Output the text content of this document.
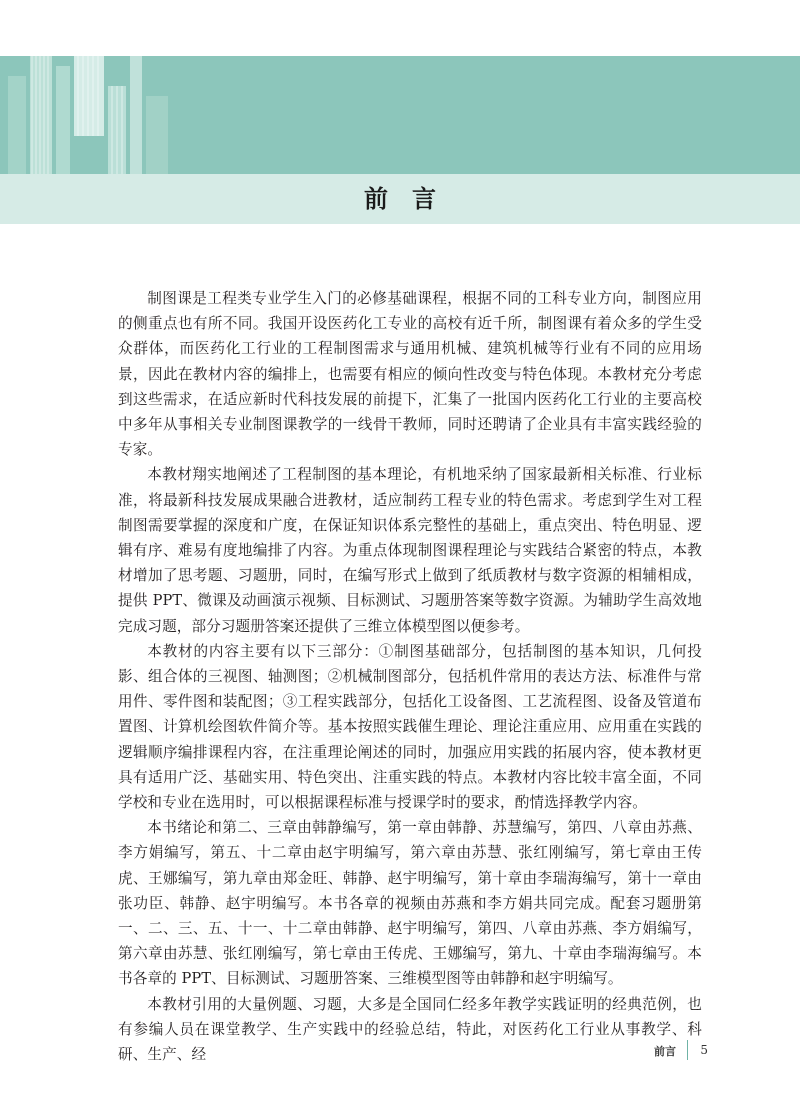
前言

制图课是工程类专业学生入门的必修基础课程，根据不同的工科专业方向，制图应用的侧重点也有所不同。我国开设医药化工专业的高校有近千所，制图课有着众多的学生受众群体，而医药化工行业的工程制图需求与通用机械、建筑机械等行业有不同的应用场景，因此在教材内容的编排上，也需要有相应的倾向性改变与特色体现。本教材充分考虑到这些需求，在适应新时代科技发展的前提下，汇集了一批国内医药化工行业的主要高校中多年从事相关专业制图课教学的一线骨干教师，同时还聘请了企业具有丰富实践经验的专家。

本教材翔实地阐述了工程制图的基本理论，有机地采纳了国家最新相关标准、行业标准，将最新科技发展成果融合进教材，适应制药工程专业的特色需求。考虑到学生对工程制图需要掌握的深度和广度，在保证知识体系完整性的基础上，重点突出、特色明显、逻辑有序、难易有度地编排了内容。为重点体现制图课程理论与实践结合紧密的特点，本教材增加了思考题、习题册，同时，在编写形式上做到了纸质教材与数字资源的相辅相成，提供 PPT、微课及动画演示视频、目标测试、习题册答案等数字资源。为辅助学生高效地完成习题，部分习题册答案还提供了三维立体模型图以便参考。

本教材的内容主要有以下三部分：①制图基础部分，包括制图的基本知识，几何投影、组合体的三视图、轴测图；②机械制图部分，包括机件常用的表达方法、标准件与常用件、零件图和装配图；③工程实践部分，包括化工设备图、工艺流程图、设备及管道布置图、计算机绘图软件简介等。基本按照实践催生理论、理论注重应用、应用重在实践的逻辑顺序编排课程内容，在注重理论阐述的同时，加强应用实践的拓展内容，使本教材更具有适用广泛、基础实用、特色突出、注重实践的特点。本教材内容比较丰富全面，不同学校和专业在选用时，可以根据课程标准与授课学时的要求，酌情选择教学内容。

本书绪论和第二、三章由韩静编写，第一章由韩静、苏慧编写，第四、八章由苏燕、李方娟编写，第五、十二章由赵宇明编写，第六章由苏慧、张红刚编写，第七章由王传虎、王娜编写，第九章由郑金旺、韩静、赵宇明编写，第十章由李瑞海编写，第十一章由张功臣、韩静、赵宇明编写。本书各章的视频由苏燕和李方娟共同完成。配套习题册第一、二、三、五、十一、十二章由韩静、赵宇明编写，第四、八章由苏燕、李方娟编写，第六章由苏慧、张红刚编写，第七章由王传虎、王娜编写，第九、十章由李瑞海编写。本书各章的 PPT、目标测试、习题册答案、三维模型图等由韩静和赵宇明编写。

本教材引用的大量例题、习题，大多是全国同仁经多年教学实践证明的经典范例，也有参编人员在课堂教学、生产实践中的经验总结，特此，对医药化工行业从事教学、科研、生产、经	前言 5
